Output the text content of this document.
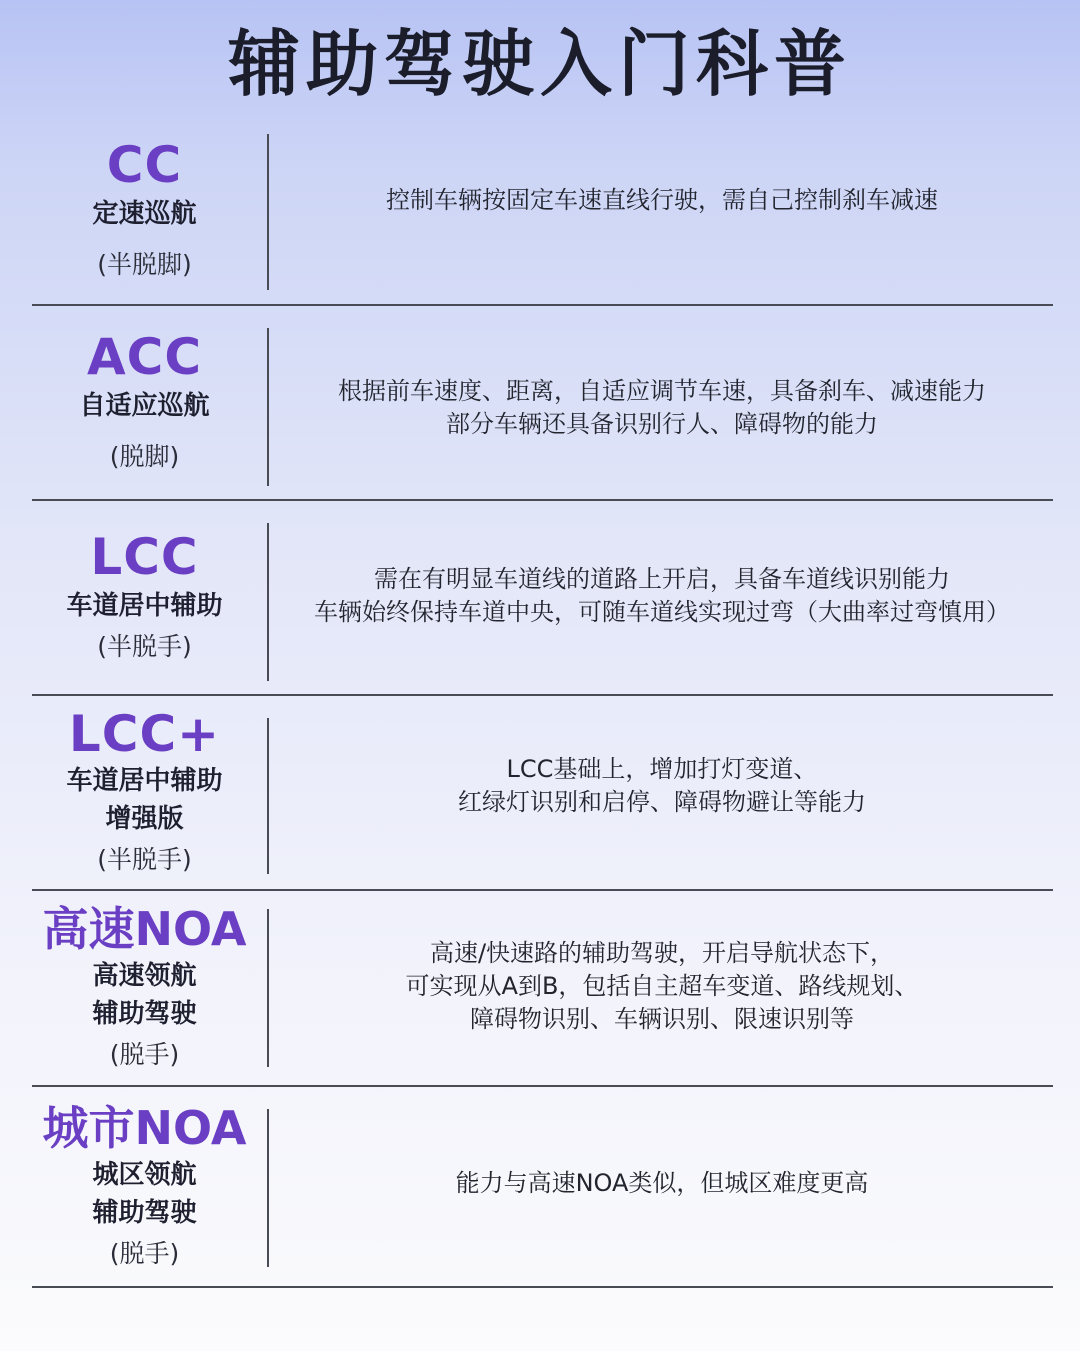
辅助驾驶入门科普
CC
定速巡航
(半脱脚)
控制车辆按固定车速直线行驶，需自己控制刹车减速
ACC
自适应巡航
(脱脚)
根据前车速度、距离，自适应调节车速，具备刹车、减速能力
部分车辆还具备识别行人、障碍物的能力
LCC
车道居中辅助
(半脱手)
需在有明显车道线的道路上开启，具备车道线识别能力
车辆始终保持车道中央，可随车道线实现过弯（大曲率过弯慎用）
LCC+
车道居中辅助
增强版
(半脱手)
LCC基础上，增加打灯变道、
红绿灯识别和启停、障碍物避让等能力
高速NOA
高速领航
辅助驾驶
(脱手)
高速/快速路的辅助驾驶，开启导航状态下，
可实现从A到B，包括自主超车变道、路线规划、
障碍物识别、车辆识别、限速识别等
城市NOA
城区领航
辅助驾驶
(脱手)
能力与高速NOA类似，但城区难度更高
